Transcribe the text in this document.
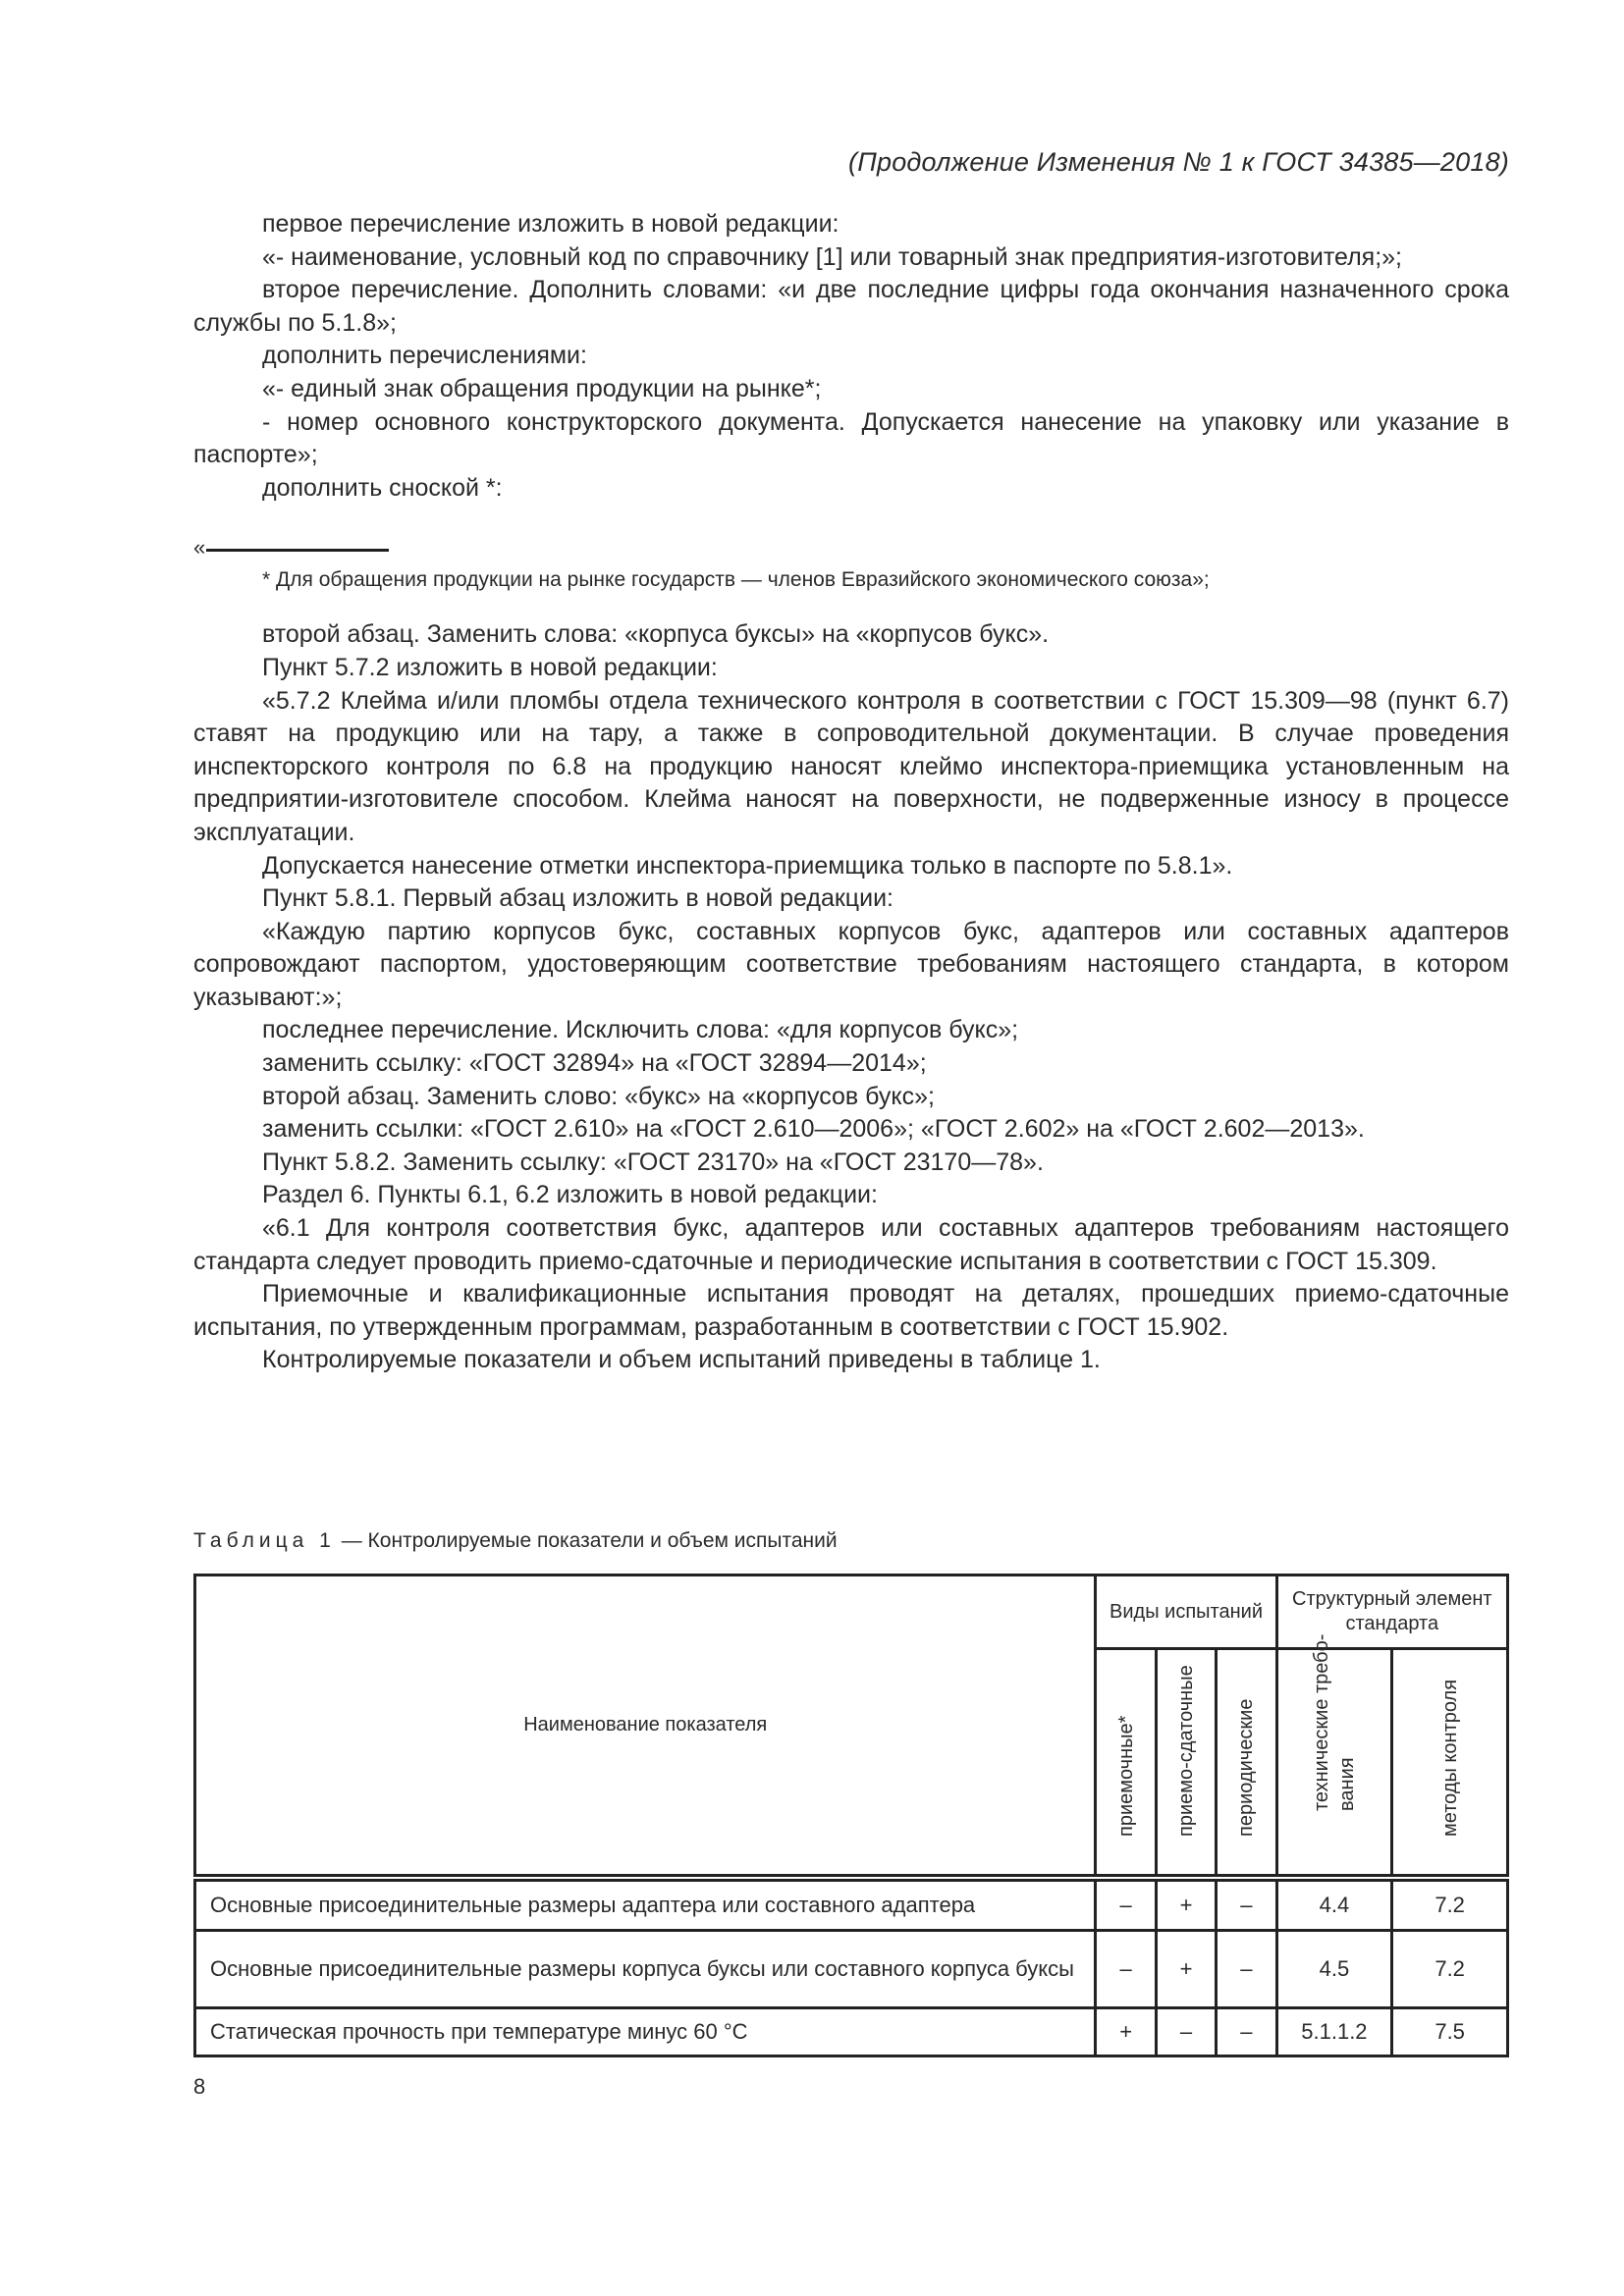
(Продолжение Изменения № 1 к ГОСТ 34385—2018)

первое перечисление изложить в новой редакции:

«- наименование, условный код по справочнику [1] или товарный знак предприятия-изготовителя;»;

второе перечисление. Дополнить словами: «и две последние цифры года окончания назначенного срока службы по 5.1.8»;

дополнить перечислениями:

«- единый знак обращения продукции на рынке*;

- номер основного конструкторского документа. Допускается нанесение на упаковку или указание в паспорте»;

дополнить сноской *:

«

* Для обращения продукции на рынке государств — членов Евразийского экономического союза»;

второй абзац. Заменить слова: «корпуса буксы» на «корпусов букс».

Пункт 5.7.2 изложить в новой редакции:

«5.7.2 Клейма и/или пломбы отдела технического контроля в соответствии с ГОСТ 15.309—98 (пункт 6.7) ставят на продукцию или на тару, а также в сопроводительной документации. В случае проведения инспекторского контроля по 6.8 на продукцию наносят клеймо инспектора-приемщика установленным на предприятии-изготовителе способом. Клейма наносят на поверхности, не подверженные износу в процессе эксплуатации.

Допускается нанесение отметки инспектора-приемщика только в паспорте по 5.8.1».

Пункт 5.8.1. Первый абзац изложить в новой редакции:

«Каждую партию корпусов букс, составных корпусов букс, адаптеров или составных адаптеров сопровождают паспортом, удостоверяющим соответствие требованиям настоящего стандарта, в котором указывают:»;

последнее перечисление. Исключить слова: «для корпусов букс»;

заменить ссылку: «ГОСТ 32894» на «ГОСТ 32894—2014»;

второй абзац. Заменить слово: «букс» на «корпусов букс»;

заменить ссылки: «ГОСТ 2.610» на «ГОСТ 2.610—2006»; «ГОСТ 2.602» на «ГОСТ 2.602—2013».

Пункт 5.8.2. Заменить ссылку: «ГОСТ 23170» на «ГОСТ 23170—78».

Раздел 6. Пункты 6.1, 6.2 изложить в новой редакции:

«6.1 Для контроля соответствия букс, адаптеров или составных адаптеров требованиям настоящего стандарта следует проводить приемо-сдаточные и периодические испытания в соответствии с ГОСТ 15.309.

Приемочные и квалификационные испытания проводят на деталях, прошедших приемо-сдаточные испытания, по утвержденным программам, разработанным в соответствии с ГОСТ 15.902.

Контролируемые показатели и объем испытаний приведены в таблице 1.

Таблица 1 — Контролируемые показатели и объем испытаний
Наименование показателя	Виды испытаний			Структурный элемент стандарта	

	приемочные*	приемо-сдаточные	периодические	технические требо- вания	методы контроля

Основные присоединительные размеры адаптера или составного адаптера	–	+	–	4.4	7.2
Основные присоединительные размеры корпуса буксы или составного корпуса буксы	–	+	–	4.5	7.2
Статическая прочность при температуре минус 60 °C	+	–	–	5.1.1.2	7.5
8
